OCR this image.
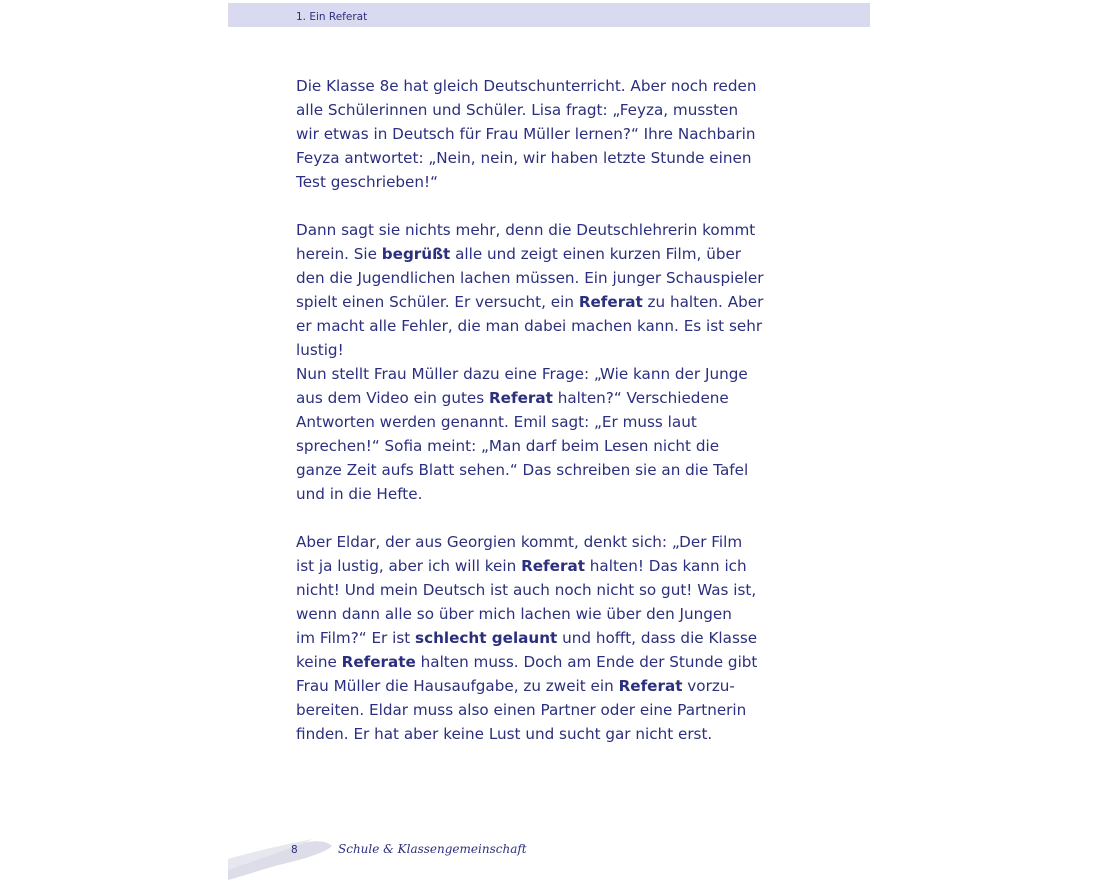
1. Ein Referat
Die Klasse 8e hat gleich Deutschunterricht. Aber noch reden
alle Schülerinnen und Schüler. Lisa fragt: „Feyza, mussten
wir etwas in Deutsch für Frau Müller lernen?“ Ihre Nachbarin
Feyza antwortet: „Nein, nein, wir haben letzte Stunde einen
Test geschrieben!“
Dann sagt sie nichts mehr, denn die Deutschlehrerin kommt
herein. Sie begrüßt alle und zeigt einen kurzen Film, über
den die Jugendlichen lachen müssen. Ein junger Schauspieler
spielt einen Schüler. Er versucht, ein Referat zu halten. Aber
er macht alle Fehler, die man dabei machen kann. Es ist sehr
lustig!
Nun stellt Frau Müller dazu eine Frage: „Wie kann der Junge
aus dem Video ein gutes Referat halten?“ Verschiedene
Antworten werden genannt. Emil sagt: „Er muss laut
sprechen!“ Sofia meint: „Man darf beim Lesen nicht die
ganze Zeit aufs Blatt sehen.“ Das schreiben sie an die Tafel
und in die Hefte.
Aber Eldar, der aus Georgien kommt, denkt sich: „Der Film
ist ja lustig, aber ich will kein Referat halten! Das kann ich
nicht! Und mein Deutsch ist auch noch nicht so gut! Was ist,
wenn dann alle so über mich lachen wie über den Jungen
im Film?“ Er ist schlecht gelaunt und hofft, dass die Klasse
keine Referate halten muss. Doch am Ende der Stunde gibt
Frau Müller die Hausaufgabe, zu zweit ein Referat vorzu-
bereiten. Eldar muss also einen Partner oder eine Partnerin
finden. Er hat aber keine Lust und sucht gar nicht erst.
8	Schule & Klassengemeinschaft
